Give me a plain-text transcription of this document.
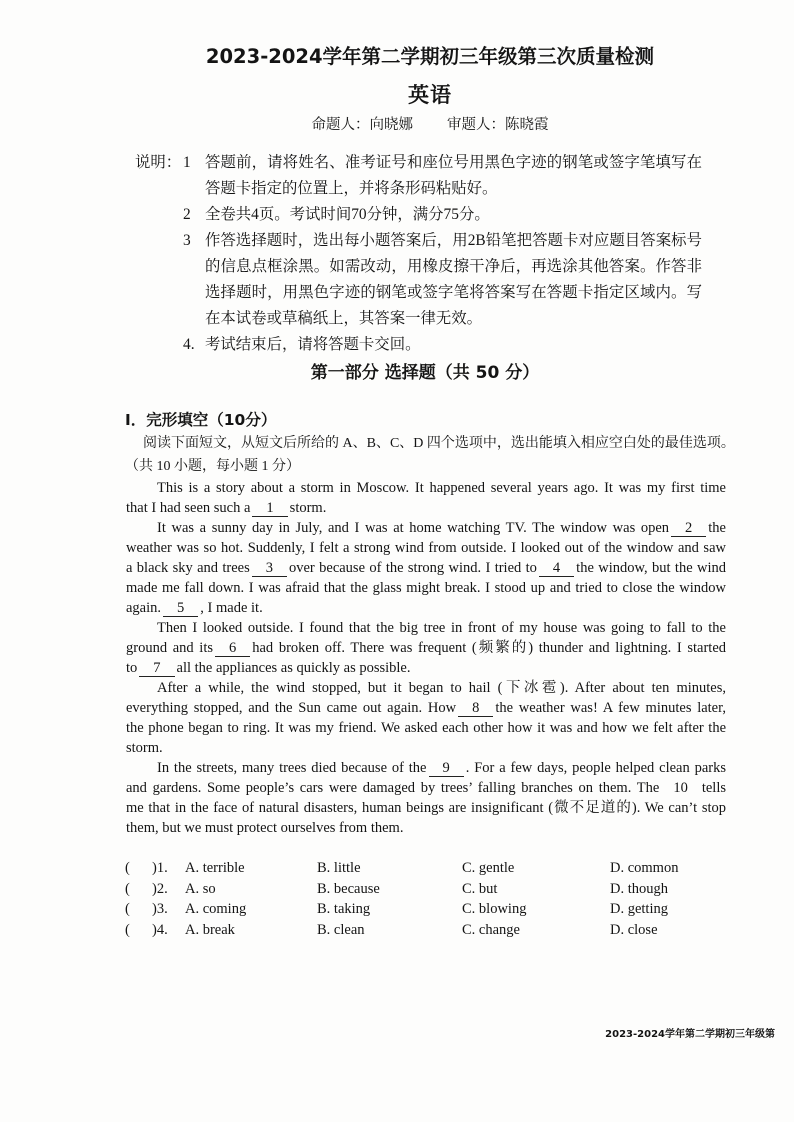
2023-2024学年第二学期初三年级第三次质量检测
英语
命题人：向晓娜 审题人：陈晓霞
说明： 1 答题前，请将姓名、准考证号和座位号用黑色字迹的钢笔或签字笔填写在
答题卡指定的位置上，并将条形码粘贴好。
2 全卷共4页。考试时间70分钟，满分75分。
3 作答选择题时，选出每小题答案后，用2B铅笔把答题卡对应题目答案标号
的信息点框涂黑。如需改动，用橡皮擦干净后，再选涂其他答案。作答非
选择题时，用黑色字迹的钢笔或签字笔将答案写在答题卡指定区域内。写
在本试卷或草稿纸上，其答案一律无效。
4. 考试结束后，请将答题卡交回。
第一部分 选择题（共 50 分）
I．完形填空（10分）
阅读下面短文，从短文后所给的 A、B、C、D 四个选项中，选出能填入相应空白处的最佳选项。
（共 10 小题，每小题 1 分）
This is a story about a storm in Moscow. It happened several years ago. It was my first time
that I had seen such a 1 storm.
It was a sunny day in July, and I was at home watching TV. The window was open 2 the
weather was so hot. Suddenly, I felt a strong wind from outside. I looked out of the window and saw
a black sky and trees 3 over because of the strong wind. I tried to 4 the window, but the wind
made me fall down. I was afraid that the glass might break. I stood up and tried to close the window
again. 5 , I made it.
Then I looked outside. I found that the big tree in front of my house was going to fall to the
ground and its 6 had broken off. There was frequent (频繁的) thunder and lightning. I started
to 7 all the appliances as quickly as possible.
After a while, the wind stopped, but it began to hail (下冰雹). After about ten minutes,
everything stopped, and the Sun came out again. How 8 the weather was! A few minutes later,
the phone began to ring. It was my friend. We asked each other how it was and how we felt after the
storm.
In the streets, many trees died because of the 9 . For a few days, people helped clean parks
and gardens. Some people’s cars were damaged by trees’ falling branches on them. The 10 tells
me that in the face of natural disasters, human beings are insignificant (微不足道的). We can’t stop
them, but we must protect ourselves from them.
( )1. A. terrible	B. little	C. gentle	D. common
( )2. A. so	B. because	C. but	D. though
( )3. A. coming	B. taking	C. blowing	D. getting
( )4. A. break	B. clean	C. change	D. close
2023-2024学年第二学期初三年级第
